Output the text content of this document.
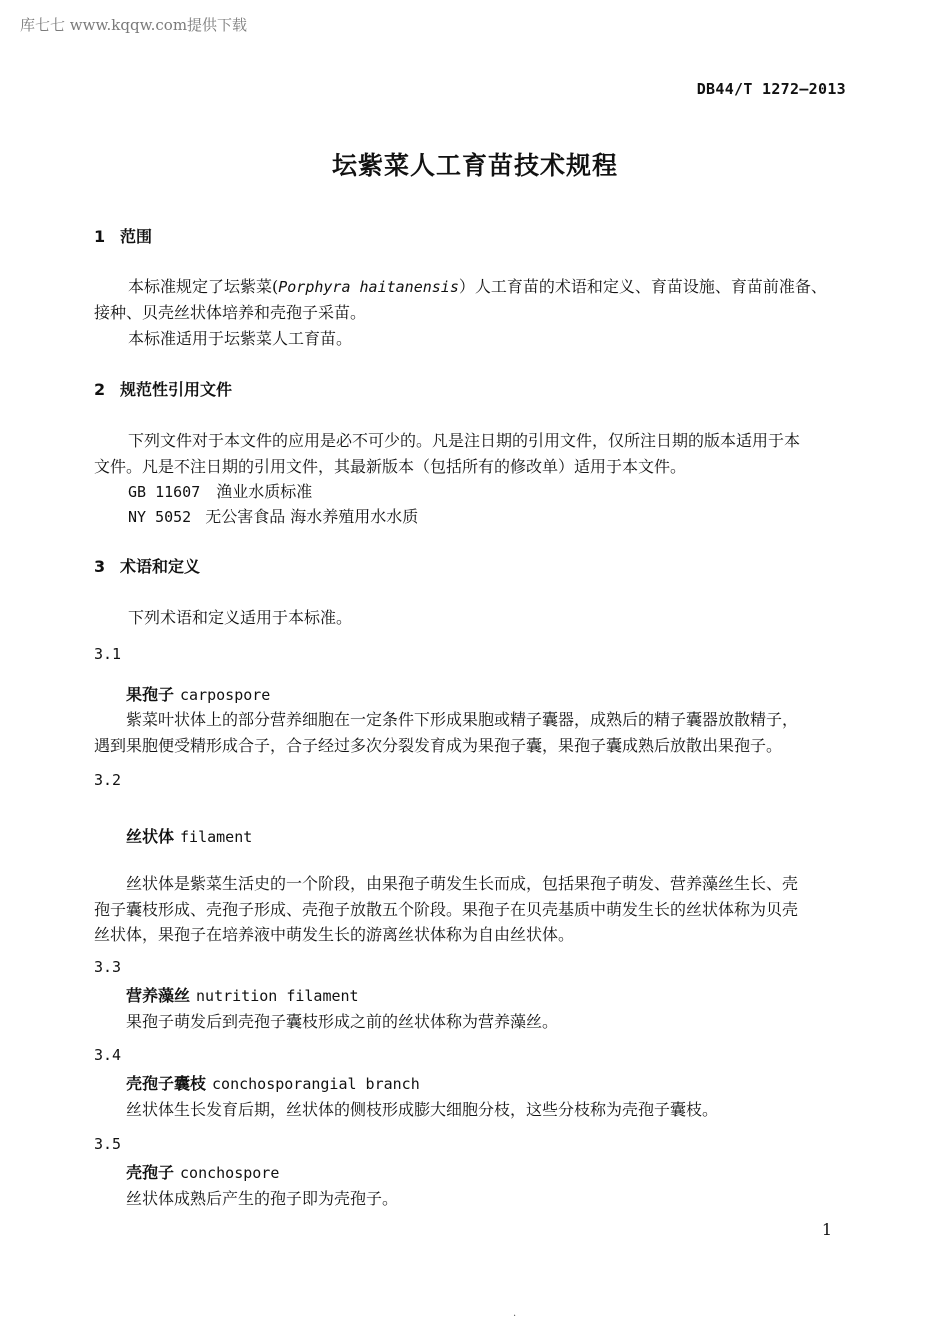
库七七 www.kqqw.com提供下载
DB44/T 1272—2013
坛紫菜人工育苗技术规程
1 范围
本标准规定了坛紫菜(Porphyra haitanensis）人工育苗的术语和定义、育苗设施、育苗前准备、
接种、贝壳丝状体培养和壳孢子采苗。
本标准适用于坛紫菜人工育苗。
2 规范性引用文件
下列文件对于本文件的应用是必不可少的。凡是注日期的引用文件，仅所注日期的版本适用于本
文件。凡是不注日期的引用文件，其最新版本（包括所有的修改单）适用于本文件。
GB 11607 渔业水质标准
NY 5052 无公害食品 海水养殖用水水质
3 术语和定义
下列术语和定义适用于本标准。
3.1
果孢子 carpospore
紫菜叶状体上的部分营养细胞在一定条件下形成果胞或精子囊器，成熟后的精子囊器放散精子，
遇到果胞便受精形成合子，合子经过多次分裂发育成为果孢子囊，果孢子囊成熟后放散出果孢子。
3.2
丝状体 filament
丝状体是紫菜生活史的一个阶段，由果孢子萌发生长而成，包括果孢子萌发、营养藻丝生长、壳
孢子囊枝形成、壳孢子形成、壳孢子放散五个阶段。果孢子在贝壳基质中萌发生长的丝状体称为贝壳
丝状体，果孢子在培养液中萌发生长的游离丝状体称为自由丝状体。
3.3
营养藻丝 nutrition filament
果孢子萌发后到壳孢子囊枝形成之前的丝状体称为营养藻丝。
3.4
壳孢子囊枝 conchosporangial branch
丝状体生长发育后期，丝状体的侧枝形成膨大细胞分枝，这些分枝称为壳孢子囊枝。
3.5
壳孢子 conchospore
丝状体成熟后产生的孢子即为壳孢子。
1
.
